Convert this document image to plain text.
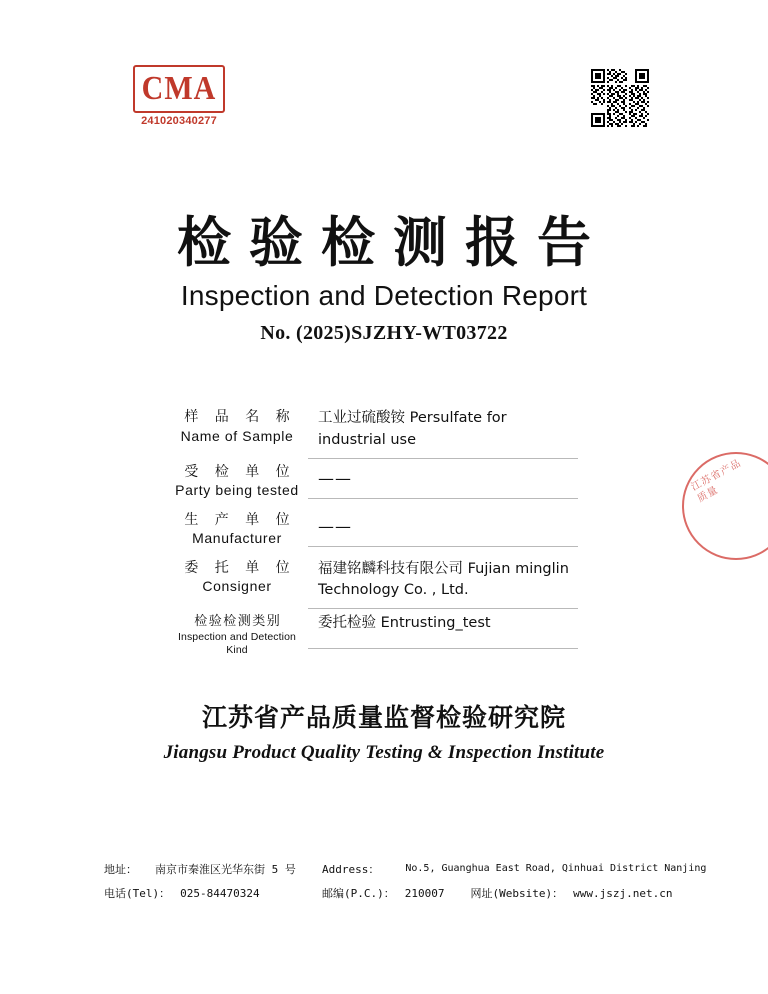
CMA
241020340277
检验检测报告
Inspection and Detection Report
No. (2025)SJZHY-WT03722
样 品 名 称
Name of Sample
工业过硫酸铵 Persulfate for industrial use
受 检 单 位
Party being tested
——
生 产 单 位
Manufacturer
——
委 托 单 位
Consigner
福建铭麟科技有限公司 Fujian minglin Technology Co. , Ltd.
检验检测类别
Inspection and Detection Kind
委托检验 Entrusting_test
江苏省产品质量
江苏省产品质量监督检验研究院
Jiangsu Product Quality Testing & Inspection Institute
地址： 南京市秦淮区光华东街 5 号 Address：	No.5, Guanghua East Road, Qinhuai District Nanjing
电话(Tel)： 025-84470324	邮编(P.C.)： 210007 网址(Website)： www.jszj.net.cn
